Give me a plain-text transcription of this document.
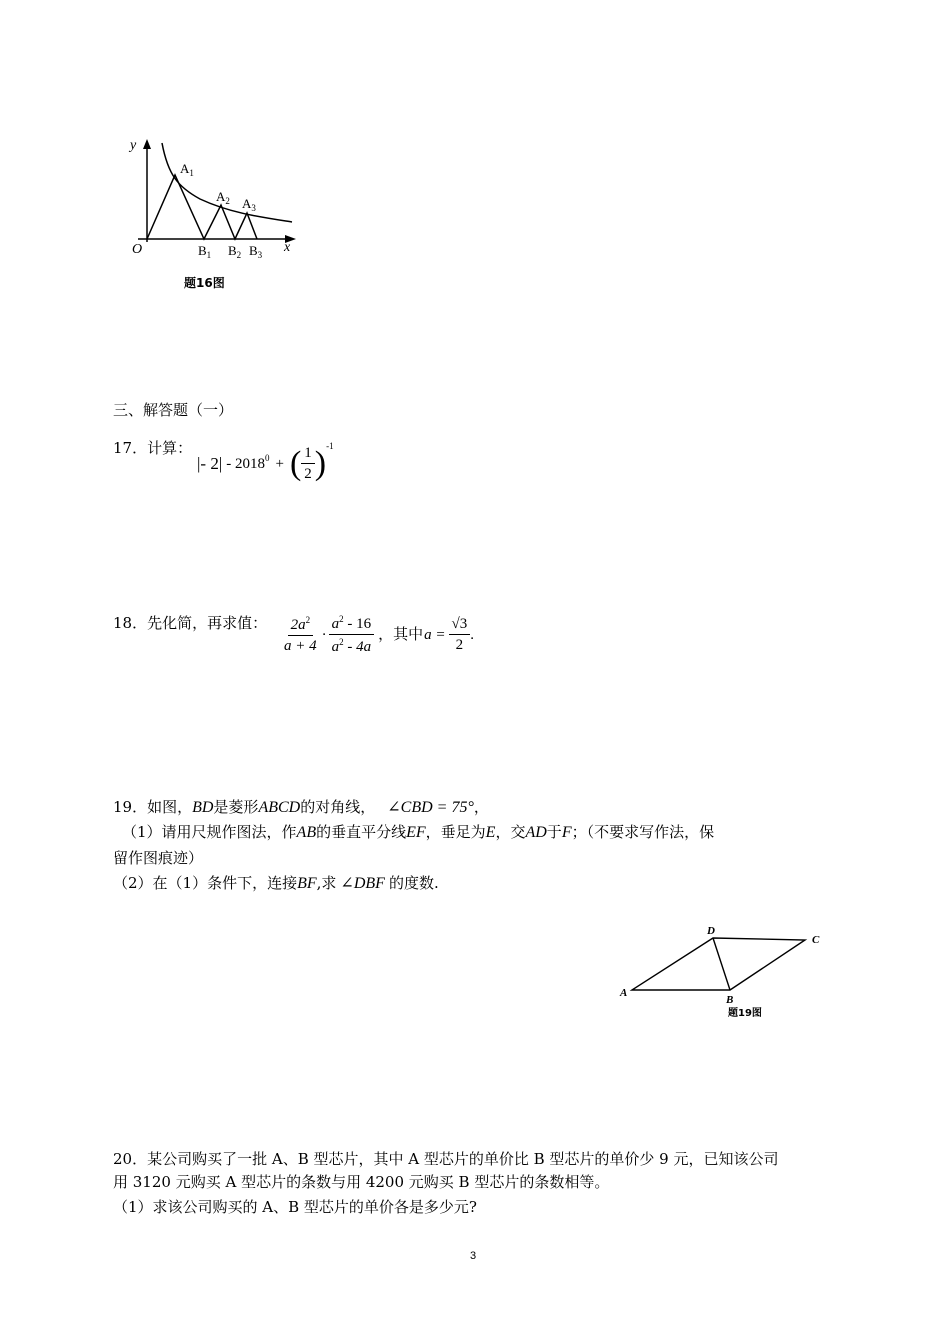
y
x
O
$A_1$
$A_2$ $A_3$
$B_1$ $B_2$ $B_3$
题16图
三、解答题（一）
17．计算：
|- $2| - 2018^0$ + ( $\frac{1}{2} )^{-1}$
18．先化简，再求值： $\frac{2a^2}{a + 4} \cdot \frac{a^2 - 16}{a^2 - 4a}$ ，其中 $a = \frac{√3}{2}$ .
19．如图，BD是菱形ABCD的对角线， ∠CBD = 75°，
（1）请用尺规作图法，作AB的垂直平分线EF，垂足为E，交AD于F；（不要求写作法，保
留作图痕迹）
（2）在（1）条件下，连接BF,求 ∠DBF 的度数.
A
B
C
D
题19图
20．某公司购买了一批 A、B 型芯片，其中 A 型芯片的单价比 B 型芯片的单价少 9 元，已知该公司
用 3120 元购买 A 型芯片的条数与用 4200 元购买 B 型芯片的条数相等。
（1）求该公司购买的 A、B 型芯片的单价各是多少元?
3
